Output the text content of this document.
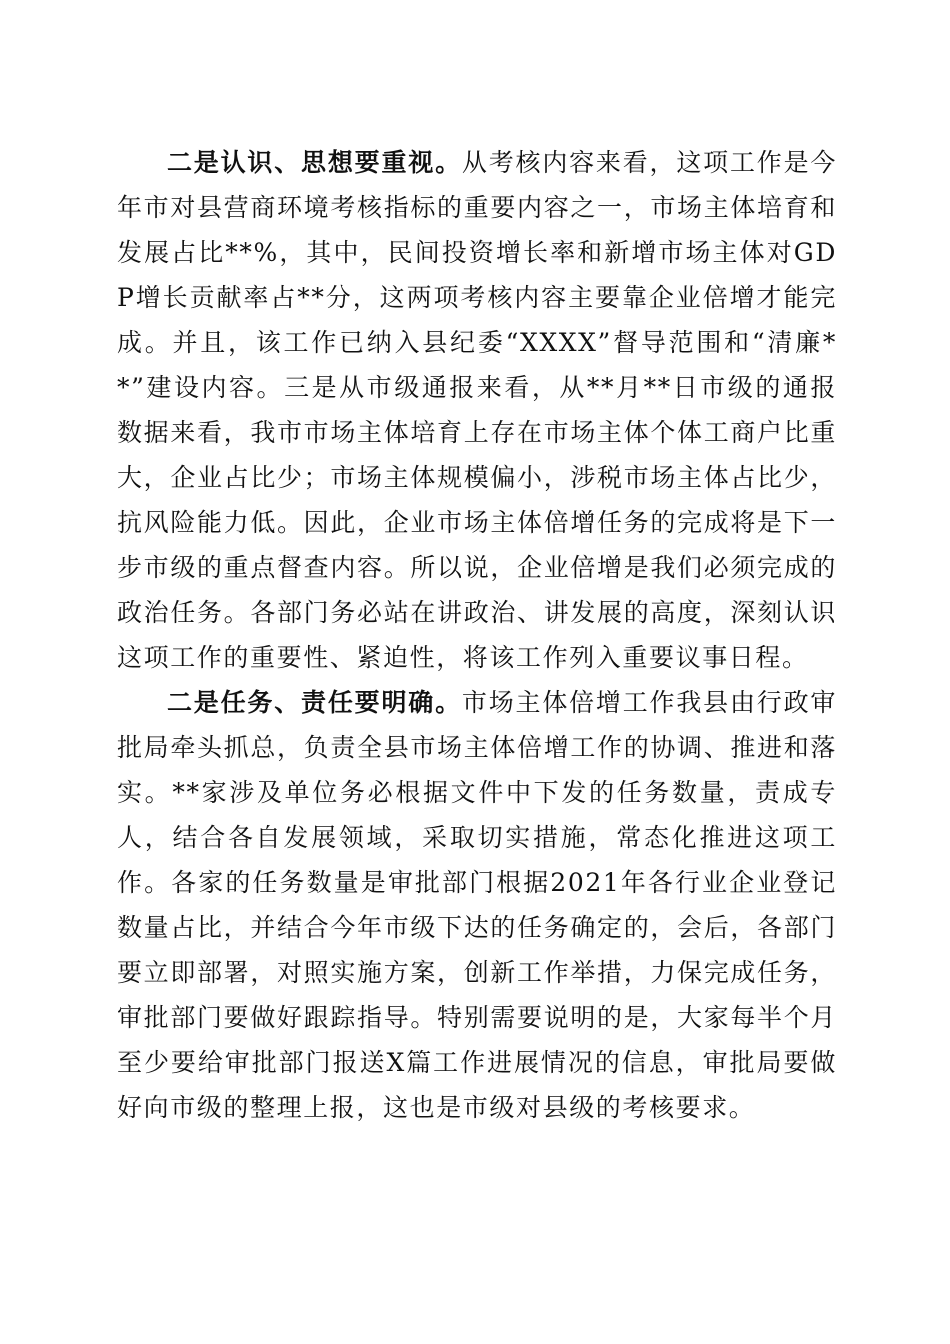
二是认识、思想要重视。从考核内容来看，这项工作是今年市对县营商环境考核指标的重要内容之一，市场主体培育和发展占比**%，其中，民间投资增长率和新增市场主体对GDP增长贡献率占**分，这两项考核内容主要靠企业倍增才能完成。并且，该工作已纳入县纪委“XXXX”督导范围和“清廉**”建设内容。三是从市级通报来看，从**月**日市级的通报数据来看，我市市场主体培育上存在市场主体个体工商户比重大，企业占比少；市场主体规模偏小，涉税市场主体占比少，抗风险能力低。因此，企业市场主体倍增任务的完成将是下一步市级的重点督查内容。所以说，企业倍增是我们必须完成的政治任务。各部门务必站在讲政治、讲发展的高度，深刻认识这项工作的重要性、紧迫性，将该工作列入重要议事日程。

二是任务、责任要明确。市场主体倍增工作我县由行政审批局牵头抓总，负责全县市场主体倍增工作的协调、推进和落实。**家涉及单位务必根据文件中下发的任务数量，责成专人，结合各自发展领域，采取切实措施，常态化推进这项工作。各家的任务数量是审批部门根据2021年各行业企业登记数量占比，并结合今年市级下达的任务确定的，会后，各部门要立即部署，对照实施方案，创新工作举措，力保完成任务，审批部门要做好跟踪指导。特别需要说明的是，大家每半个月至少要给审批部门报送X篇工作进展情况的信息，审批局要做好向市级的整理上报，这也是市级对县级的考核要求。
